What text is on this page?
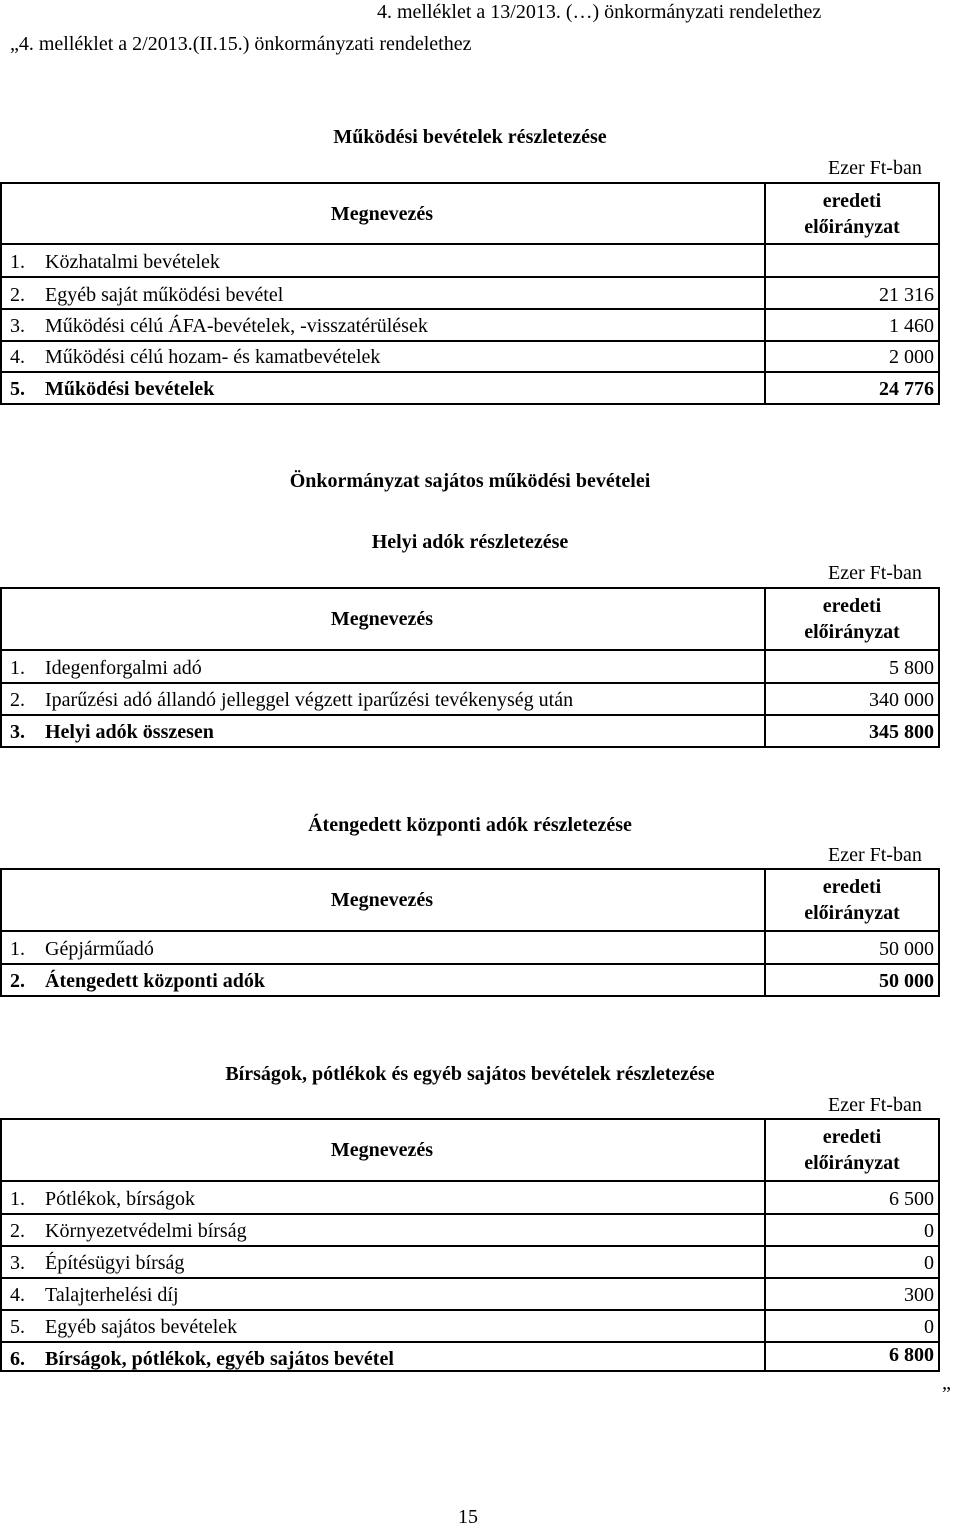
4. melléklet a 13/2013. (…) önkormányzati rendelethez
„4. melléklet a 2/2013.(II.15.) önkormányzati rendelethez
Működési bevételek részletezése
Ezer Ft-ban
Megnevezés
eredeti
előirányzat
1. Közhatalmi bevételek
2. Egyéb saját működési bevétel	21 316
3. Működési célú ÁFA-bevételek, -visszatérülések	1 460
4. Működési célú hozam- és kamatbevételek	2 000
5. Működési bevételek	24 776
Önkormányzat sajátos működési bevételei
Helyi adók részletezése
Ezer Ft-ban
Megnevezés
eredeti
előirányzat
1. Idegenforgalmi adó	5 800
2. Iparűzési adó állandó jelleggel végzett iparűzési tevékenység után	340 000
3. Helyi adók összesen	345 800
Átengedett központi adók részletezése
Ezer Ft-ban
Megnevezés
eredeti
előirányzat
1. Gépjárműadó	50 000
2. Átengedett központi adók	50 000
Bírságok, pótlékok és egyéb sajátos bevételek részletezése
Ezer Ft-ban
Megnevezés
eredeti
előirányzat
1. Pótlékok, bírságok	6 500
2. Környezetvédelmi bírság	0
3. Építésügyi bírság	0
4. Talajterhelési díj	300
5. Egyéb sajátos bevételek	0
6. Bírságok, pótlékok, egyéb sajátos bevétel	6 800
”
15
